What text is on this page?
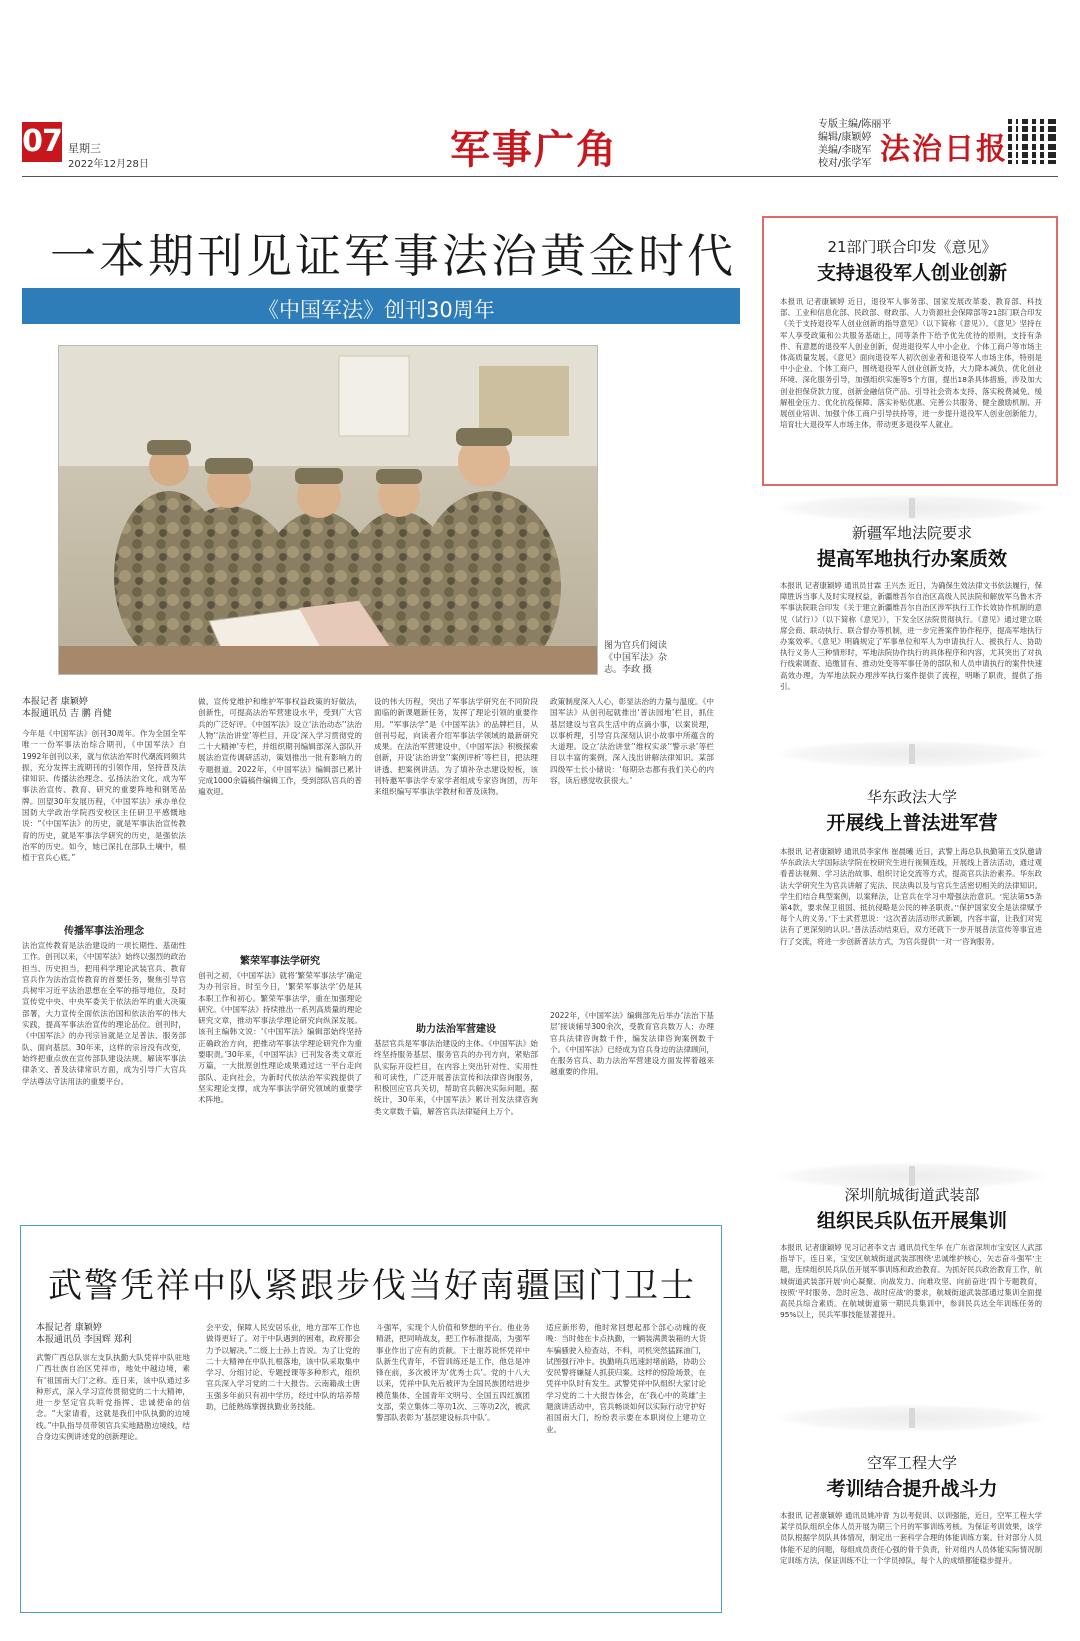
07 星期三
2022年12月28日	军事广角
专版主编/陈丽平
编辑/康颖婷
美编/李晓军
校对/张学军 法治日报
一本期刊见证军事法治黄金时代
《中国军法》创刊30周年
图为官兵们阅读《中国军法》杂志。李政 摄
本报记者 康颖婷
本报通讯员 吉 鹏 肖健
今年是《中国军法》创刊30周年。作为全国全军唯一一份军事法治综合期刊，《中国军法》自1992年创刊以来，就与依法治军时代潮流同频共振，充分发挥主流期刊的引领作用，坚持普及法律知识、传播法治理念、弘扬法治文化，成为军事法治宣传、教育、研究的重要阵地和钢笔品牌。回望30年发展历程，《中国军法》承办单位国防大学政治学院西安校区主任研卫平感慨地说：“《中国军法》的历史，就是军事法治宣传教育的历史，就是军事法学研究的历史，是强依法治军的历史。如今，她已深扎在部队土壤中，根植于官兵心底。”
传播军事法治理念
法治宣传教育是法治建设的一项长期性、基础性工作。创刊以来，《中国军法》始终以强烈的政治担当、历史担当，把用科学理论武装官兵、教育官兵作为法治宣传教育的首要任务，聚焦引导官兵树牢习近平法治思想在全军的指导地位，及时宣传党中央、中央军委关于依法治军的重大决策部署，大力宣传全面依法治国和依法治军的伟大实践，提高军事法治宣传的理论品位。创刊时，《中国军法》的办刊宗旨就是立足普法、服务部队、面向基层。30年来，这样的宗旨没有改变，始终把重点放在宣传部队建设法规、解读军事法律条文、普及法律常识方面，成为引导广大官兵学法尊法守法用法的重要平台。
做，宣传党维护和维护军事权益政策的好做法，创新性，可提高法治军营建设水平，受到广大官兵的广泛好评。《中国军法》设立‘法治动态’‘法治人物’‘法治讲堂’等栏目，开设‘深入学习贯彻党的二十大精神’专栏，并组织期刊编辑部深入部队开展法治宣传调研活动，策划推出一批有影响力的专题报道。2022年，《中国军法》编辑部已累计完成1000余篇稿件编辑工作，受到部队官兵的普遍欢迎。
繁荣军事法学研究
创刊之初，《中国军法》就将‘繁荣军事法学’确定为办刊宗旨，时至今日，‘繁荣军事法学’仍是其本职工作和初心。繁荣军事法学，重在加强理论研究。《中国军法》持续推出一系列高质量的理论研究文章，推动军事法学理论研究向纵深发展。该刊主编韩文说：‘《中国军法》编辑部始终坚持正确政治方向，把推动军事法学理论研究作为重要职责。’30年来，《中国军法》已刊发各类文章近万篇，一大批原创性理论成果通过这一平台走向部队、走向社会，为新时代依法治军实践提供了坚实理论支撑，成为军事法学研究领域的重要学术阵地。
设的伟大历程，突出了军事法学研究在不同阶段面临的新课题新任务，发挥了理论引领的重要作用。“军事法学”是《中国军法》的品牌栏目，从创刊号起，向读者介绍军事法学领域的最新研究成果。在法治军营建设中，《中国军法》积极探索创新，开设‘法治讲堂’‘案例评析’等栏目，把法理讲透、把案例讲活。为了填补杂志建设短板，该刊特邀军事法学专家学者组成专家咨询团，历年来组织编写军事法学教材和普及读物。
助力法治军营建设
基层官兵是军事法治建设的主体。《中国军法》始终坚持服务基层、服务官兵的办刊方向，紧贴部队实际开设栏目，在内容上突出针对性、实用性和可读性，广泛开展普法宣传和法律咨询服务，积极回应官兵关切，帮助官兵解决实际问题。据统计，30年来，《中国军法》累计刊发法律咨询类文章数千篇，解答官兵法律疑问上万个。
政策制度深入人心，彰显法治的力量与温度。《中国军法》从创刊起就推出‘普法园地’栏目，抓住基层建设与官兵生活中的点滴小事，以案说理，以事析理，引导官兵深刻认识小故事中所蕴含的大道理。设立‘法治讲堂’‘维权实录’‘警示录’等栏目以丰富的案例，深入浅出讲解法律知识。某部四级军士长小储说：‘每期杂志都有我们关心的内容，读后感觉收获很大。’
2022年，《中国军法》编辑部先后举办‘法治下基层’接谈辅导300余次，受教育官兵数万人；办理官兵法律咨询数千件，编发法律咨询案例数千个。《中国军法》已经成为官兵身边的法律顾问，在服务官兵、助力法治军营建设方面发挥着越来越重要的作用。
武警凭祥中队紧跟步伐当好南疆国门卫士
本报记者 康颖婷
本报通讯员 李国辉 郑利
武警广西总队崇左支队执勤大队凭祥中队驻地广西壮族自治区凭祥市，地处中越边境，素有‘祖国南大门’之称。连日来，该中队通过多种形式，深入学习宣传贯彻党的二十大精神，进一步坚定官兵听党指挥、忠诚使命的信念。“大家请看，这就是我们中队执勤的边境线。”中队指导员带领官兵实地踏勘边境线，结合身边实例讲述党的创新理论。
会平安，保障人民安居乐业，地方部军工作也做得更好了。对于中队遇到的困难，政府都会力予以解决。”二级上士孙上肯说。为了让党的二十大精神在中队扎根落地，该中队采取集中学习、分组讨论、专题授课等多种形式，组织官兵深入学习党的二十大报告。云南籍战士唐玉强多年前只有初中学历，经过中队的培养帮助，已能熟练掌握执勤业务技能。
斗强军，实现个人价值和梦想的平台。他业务精湛，把同哨战友，把工作标准提高，为强军事业作出了应有的贡献。下士谢苏说怀凭祥中队新生代青年，不管训练还是工作，他总是冲锋在前，多次被评为‘优秀士兵’。党的十八大以来，凭祥中队先后被评为全国民族团结进步模范集体、全国青年文明号、全国五四红旗团支部，荣立集体二等功1次、三等功2次，被武警部队表彰为‘基层建设标兵中队’。
适应新形势，他时常回想起那个部心动魄的夜晚：当时他在卡点执勤，一辆装满黄装箱的大货车骗骚驶入检查站，不料，司机突然猛踩油门，试图强行冲卡。执勤哨兵迅速封堵前路，协助公安民警将嫌疑人抓获归案。这样的惊险场景，在凭祥中队时有发生。武警凭祥中队组织大家讨论学习党的二十大报告体会，在‘我心中的英雄’主题演讲活动中，官兵畅谈如何以实际行动守护好祖国南大门，纷纷表示要在本职岗位上建功立业。
21部门联合印发《意见》
支持退役军人创业创新
本报讯 记者康颖婷 近日，退役军人事务部、国家发展改革委、教育部、科技部、工业和信息化部、民政部、财政部、人力资源社会保障部等21部门联合印发《关于支持退役军人创业创新的指导意见》（以下简称《意见》）。《意见》坚持在军人享受政策和公共服务基础上，同等条件下给予优先优待的原则，支持有条件、有意愿的退役军人创业创新，促进退役军人中小企业、个体工商户等市场主体高质量发展。《意见》面向退役军人初次创业者和退役军人市场主体，特别是中小企业、个体工商户，围绕退役军人创业创新支持，大力降本减负、优化创业环境、深化服务引导，加强组织实施等5个方面，提出18条具体措施，涉及加大创业担保贷款力度、创新金融信贷产品、引导社会资本支持、落实税费减免、缓解租金压力、优化抗疫保障、落实补贴优惠、完善公共服务、健全激励机制、开展创业培训、加强个体工商户引导扶持等，进一步提升退役军人创业创新能力，培育壮大退役军人市场主体，带动更多退役军人就业。
新疆军地法院要求
提高军地执行办案质效
本报讯 记者康颖婷 通讯员甘霖 王兴杰 近日，为确保生效法律文书依法履行，保障胜诉当事人及时实现权益，新疆维吾尔自治区高级人民法院和解放军乌鲁木齐军事法院联合印发《关于建立新疆维吾尔自治区涉军执行工作长效协作机制的意见（试行）》（以下简称《意见》），下发全区法院贯彻执行。《意见》通过建立联席会商、联动执行、联合督办等机制，进一步完善案件协作程序，提高军地执行办案效率。《意见》明确规定了军事单位和军人为申请执行人、被执行人、协助执行义务人三种情形时，军地法院协作执行的具体程序和内容，尤其突出了对执行线索调查、追缴冒有、推动处变等军事任务的部队和人员申请执行的案件快速高效办理，为军地法院办理涉军执行案件提供了流程，明晰了职责，提供了指引。
华东政法大学
开展线上普法进军营
本报讯 记者康颖婷 通讯员李家伟 崔晨曦 近日，武警上海总队执勤第五支队邀请华东政法大学国际法学院在校研究生进行视频连线，开展线上普法活动，通过观看普法视频、学习法治故事、组织讨论交流等方式，提高官兵法治素养。华东政法大学研究生为官兵讲解了宪法、民法典以及与官兵生活密切相关的法律知识。学生们结合典型案例，以案释法，让官兵在学习中增强法治意识。‘宪法第55条第4款，要求保卫祖国、抵抗侵略是公民的神圣职责。’‘保护国家安全是法律赋予每个人的义务。’下士武哲思说：‘这次普法活动形式新颖，内容丰富，让我们对宪法有了更深刻的认识。’普法活动结束后，双方还就下一步开展普法宣传等事宜进行了交流，将进一步创新普法方式，为官兵提供‘一对一’咨询服务。
深圳航城街道武装部
组织民兵队伍开展集训
本报讯 记者康颖婷 见习记者李文吉 通讯员代生华 在广东省深圳市宝安区人武部指导下，连日来，宝安区航城街道武装部围绕‘忠诚维护核心，矢志奋斗强军’主题，连续组织民兵队伍开展军事训练和政治教育。为抓好民兵政治教育工作，航城街道武装部开展‘向心凝聚、向战发力、向难攻坚、向前奋进’四个专题教育，按照‘平时服务、急时应急、战时应战’的要求，航城街道武装部通过集训全面提高民兵综合素质。在航城街道第一期民兵集训中，参训民兵达全年训练任务的95%以上，民兵军事技能显著提升。
空军工程大学
考训结合提升战斗力
本报讯 记者康颖婷 通讯员姚冲青 为以考促训、以训强能，近日，空军工程大学某学员队组织全体人员开展为期三个月的军事训练考核。为保证考训效果，该学员队根据学员队具体情况，制定出一套科学合理的体能训练方案。针对部分人员体能不足的问题，每组成员责任心强的骨干负责，针对组内人员体能实际情况制定训练方法，保证训练不让一个学员掉队，每个人的成绩都能稳步提升。
